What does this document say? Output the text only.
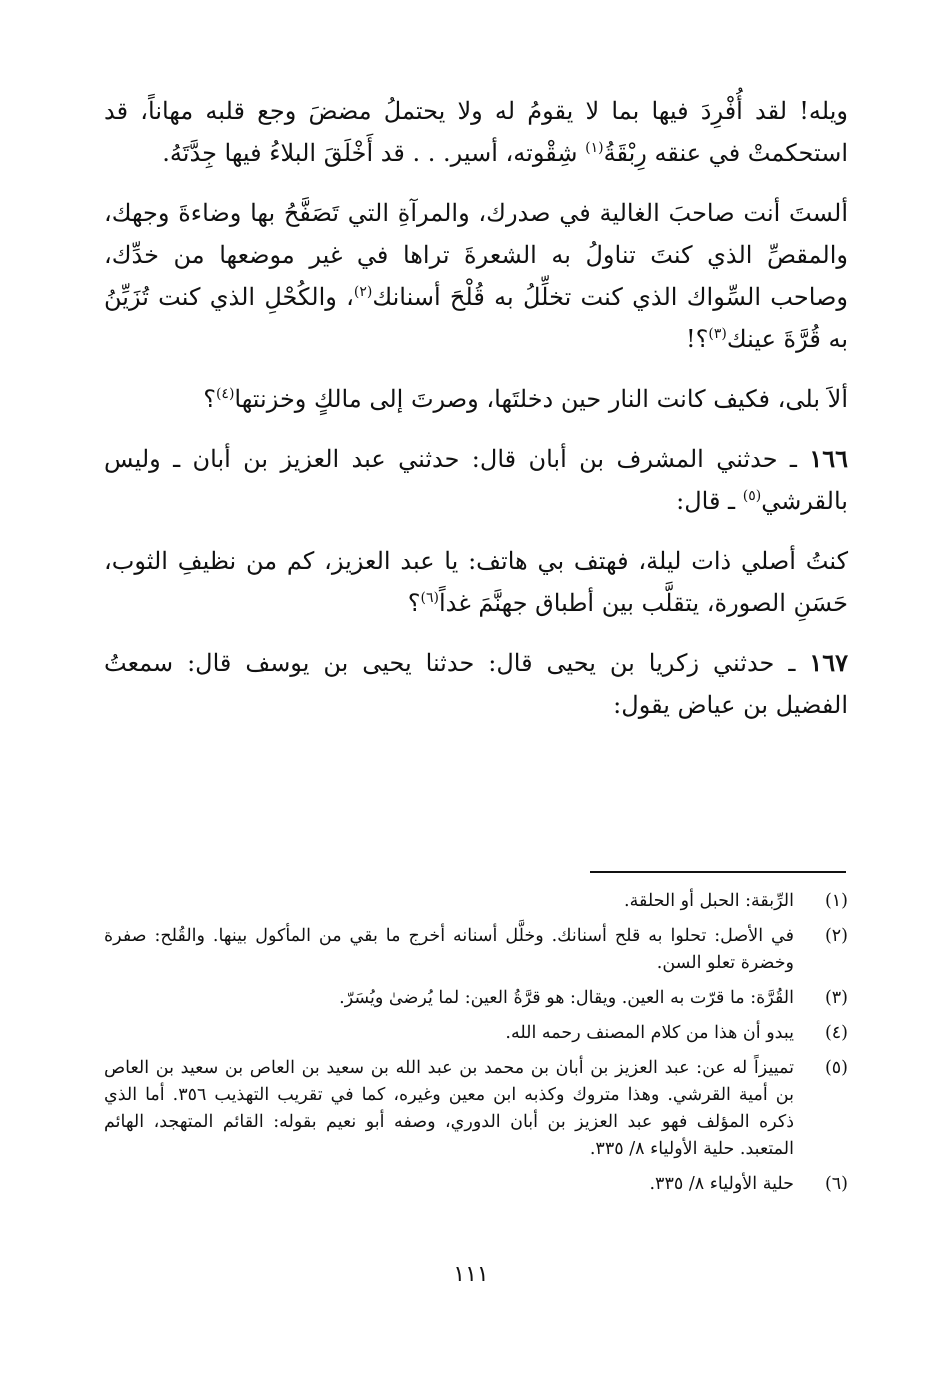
ويله! لقد أُفْرِدَ فيها بما لا يقومُ له ولا يحتملُ مضضَ وجع قلبه مهاناً، قد استحكمتْ في عنقه رِبْقَةُ$^{(١)}$ شِقْوته، أسير. . . قد أَخْلَقَ البلاءُ فيها جِدَّتَهُ.

ألستَ أنت صاحبَ الغالية في صدرك، والمرآةِ التي تَصَفَّحُ بها وضاءةَ وجهك، والمقصِّ الذي كنتَ تناولُ به الشعرةَ تراها في غير موضعها من خدِّك، وصاحب السِّواك الذي كنت تخلِّلُ به قُلْحَ أسنانك$^{(٢)}$، والكُحْلِ الذي كنت تُزَيِّنُ به قُرَّةَ عينك$^{(٣)}$؟!

ألاَ بلى، فكيف كانت النار حين دخلتَها، وصرتَ إلى مالكٍ وخزنتها$^{(٤)}$؟

١٦٦ ـ حدثني المشرف بن أبان قال: حدثني عبد العزيز بن أبان ـ وليس بالقرشي$^{(٥)}$ ـ قال:

كنتُ أصلي ذات ليلة، فهتف بي هاتف: يا عبد العزيز، كم من نظيفِ الثوب، حَسَنِ الصورة، يتقلَّب بين أطباق جهنَّمَ غداً$^{(٦)}$؟

١٦٧ ـ حدثني زكريا بن يحيى قال: حدثنا يحيى بن يوسف قال: سمعتُ الفضيل بن عياض يقول:

(١)
الرِّبقة: الحبل أو الحلقة.
(٢)
في الأصل: تحلوا به قلح أسنانك. وخلَّل أسنانه أخرج ما بقي من المأكول بينها. والقُلح: صفرة وخضرة تعلو السن.
(٣)
القُرَّة: ما قرّت به العين. ويقال: هو قرَّةُ العين: لما يُرضىٰ ويُسَرّ.
(٤)
يبدو أن هذا من كلام المصنف رحمه الله.
(٥)
تمييزاً له عن: عبد العزيز بن أبان بن محمد بن عبد الله بن سعيد بن العاص بن سعيد بن العاص بن أمية القرشي. وهذا متروك وكذبه ابن معين وغيره، كما في تقريب التهذيب ٣٥٦. أما الذي ذكره المؤلف فهو عبد العزيز بن أبان الدوري، وصفه أبو نعيم بقوله: القائم المتهجد، الهائم المتعبد. حلية الأولياء ٨/ ٣٣٥.
(٦)
حلية الأولياء ٨/ ٣٣٥.
١١١
